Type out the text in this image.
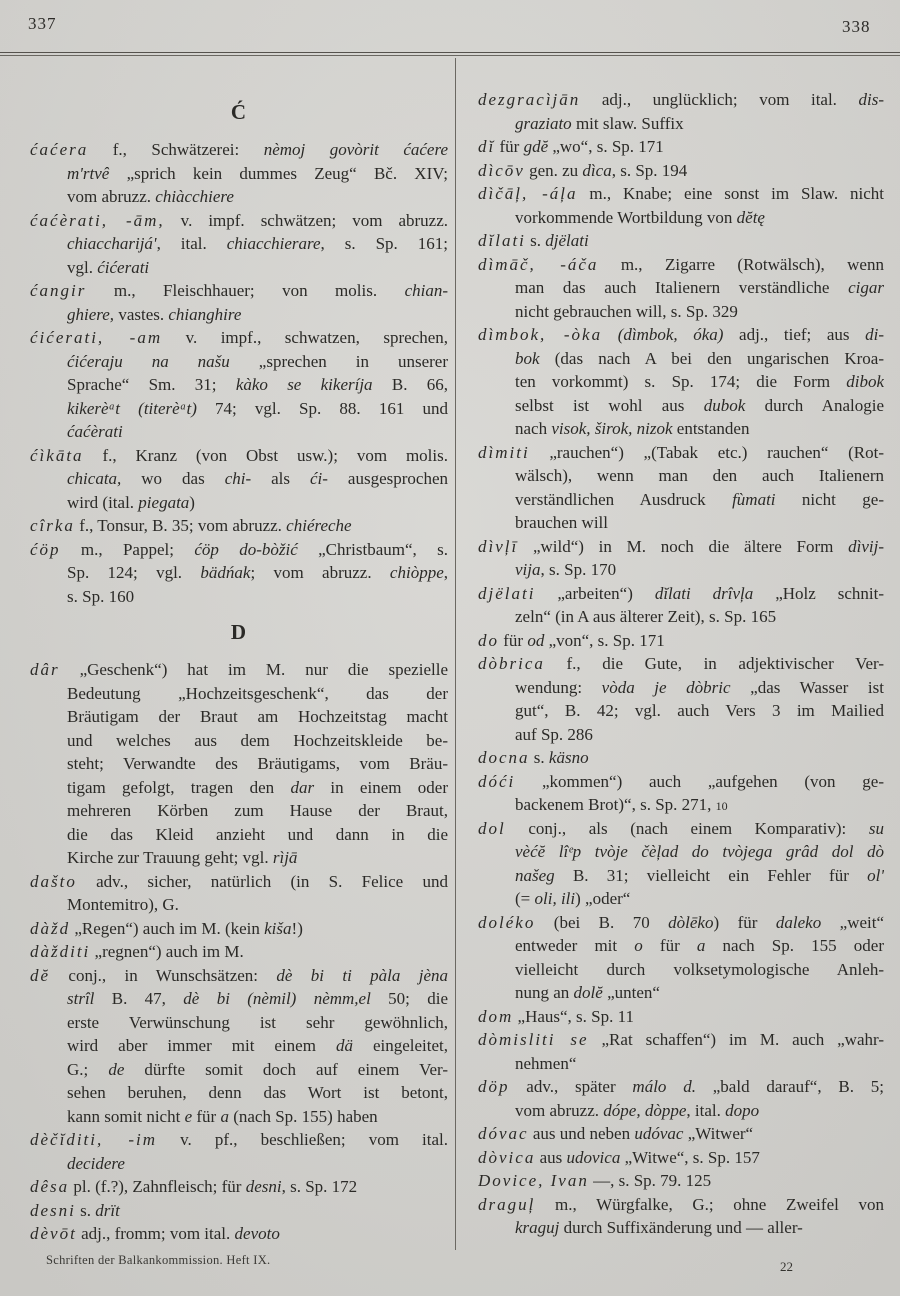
337	338
Ć
ćaćera f., Schwätzerei: nèmoj govòrit ćaćere
m'rtvê „sprich kein dummes Zeug“ Bč. XIV;
vom abruzz. chiàcchiere
ćaćèrati, -ām, v. impf. schwätzen; vom abruzz.
chiaccharijá', ital. chiacchierare, s. Sp. 161;
vgl. ćićerati
ćangir m., Fleischhauer; von molis. chian-
ghiere, vastes. chianghire
ćićerati, -am v. impf., schwatzen, sprechen,
ćićeraju na našu „sprechen in unserer
Sprache“ Sm. 31; kàko se kikeríja B. 66,
kikerèᵃt (titerèᵃt) 74; vgl. Sp. 88. 161 und
ćaćèrati
ćìkāta f., Kranz (von Obst usw.); vom molis.
chicata, wo das chi- als ći- ausgesprochen
wird (ital. piegata)
cîrka f., Tonsur, B. 35; vom abruzz. chiéreche
ćöp m., Pappel; ćöp do-bòžić „Christbaum“, s.
Sp. 124; vgl. bädńak; vom abruzz. chiòppe,
s. Sp. 160
D
dâr „Geschenk“) hat im M. nur die spezielle
Bedeutung „Hochzeitsgeschenk“, das der
Bräutigam der Braut am Hochzeitstag macht
und welches aus dem Hochzeitskleide be-
steht; Verwandte des Bräutigams, vom Bräu-
tigam gefolgt, tragen den dar in einem oder
mehreren Körben zum Hause der Braut,
die das Kleid anzieht und dann in die
Kirche zur Trauung geht; vgl. rìjā
dašto adv., sicher, natürlich (in S. Felice und
Montemitro), G.
dàžd „Regen“) auch im M. (kein kiša!)
dàžditi „regnen“) auch im M.
dĕ conj., in Wunschsätzen: dè bi ti pàla jèna
strîl B. 47, dè bi (nèmil) nèmm,el 50; die
erste Verwünschung ist sehr gewöhnlich,
wird aber immer mit einem dä eingeleitet,
G.; de dürfte somit doch auf einem Ver-
sehen beruhen, denn das Wort ist betont,
kann somit nicht e für a (nach Sp. 155) haben
dèčĭditi, -im v. pf., beschließen; vom ital.
decidere
dêsa pl. (f.?), Zahnfleisch; für desni, s. Sp. 172
desni s. drït
dèvōt adj., fromm; vom ital. devoto
dezgracìjān adj., unglücklich; vom ital. dis-
graziato mit slaw. Suffix
dĭ für gdĕ „wo“, s. Sp. 171
dìcōv gen. zu dìca, s. Sp. 194
dìčāļ, -áļa m., Knabe; eine sonst im Slaw. nicht
vorkommende Wortbildung von dĕtę
dĭlati s. djëlati
dìmāč, -áča m., Zigarre (Rotwälsch), wenn
man das auch Italienern verständliche cigar
nicht gebrauchen will, s. Sp. 329
dìmbok, -òka (dìmbok, óka) adj., tief; aus di-
bok (das nach A bei den ungarischen Kroa-
ten vorkommt) s. Sp. 174; die Form dibok
selbst ist wohl aus dubok durch Analogie
nach visok, širok, nizok entstanden
dìmiti „rauchen“) „(Tabak etc.) rauchen“ (Rot-
wälsch), wenn man den auch Italienern
verständlichen Ausdruck fùmati nicht ge-
brauchen will
dìvļī „wild“) in M. noch die ältere Form dìvij-
vija, s. Sp. 170
djëlati „arbeiten“) dĭlati drîvļa „Holz schnit-
zeln“ (in A aus älterer Zeit), s. Sp. 165
do für od „von“, s. Sp. 171
dòbrica f., die Gute, in adjektivischer Ver-
wendung: vòda je dòbric „das Wasser ist
gut“, B. 42; vgl. auch Vers 3 im Mailied
auf Sp. 286
docna s. käsno
dóći „kommen“) auch „aufgehen (von ge-
backenem Brot)“, s. Sp. 271, 10
dol conj., als (nach einem Komparativ): su
vèćĕ lîᵉp tvòje čèļad do tvòjega grâd dol dò
našeg B. 31; vielleicht ein Fehler für ol'
(= oli, ili) „oder“
doléko (bei B. 70 dòlēko) für daleko „weit“
entweder mit o für a nach Sp. 155 oder
vielleicht durch volksetymologische Anleh-
nung an dolĕ „unten“
dom „Haus“, s. Sp. 11
dòmisliti se „Rat schaffen“) im M. auch „wahr-
nehmen“
döp adv., später málo d. „bald darauf“, B. 5;
vom abruzz. dópe, dòppe, ital. dopo
dóvac aus und neben udóvac „Witwer“
dòvica aus udovica „Witwe“, s. Sp. 157
Dovice, Ivan —, s. Sp. 79. 125
draguļ m., Würgfalke, G.; ohne Zweifel von
kraguj durch Suffixänderung und — aller-
Schriften der Balkankommission. Heft IX.	22
